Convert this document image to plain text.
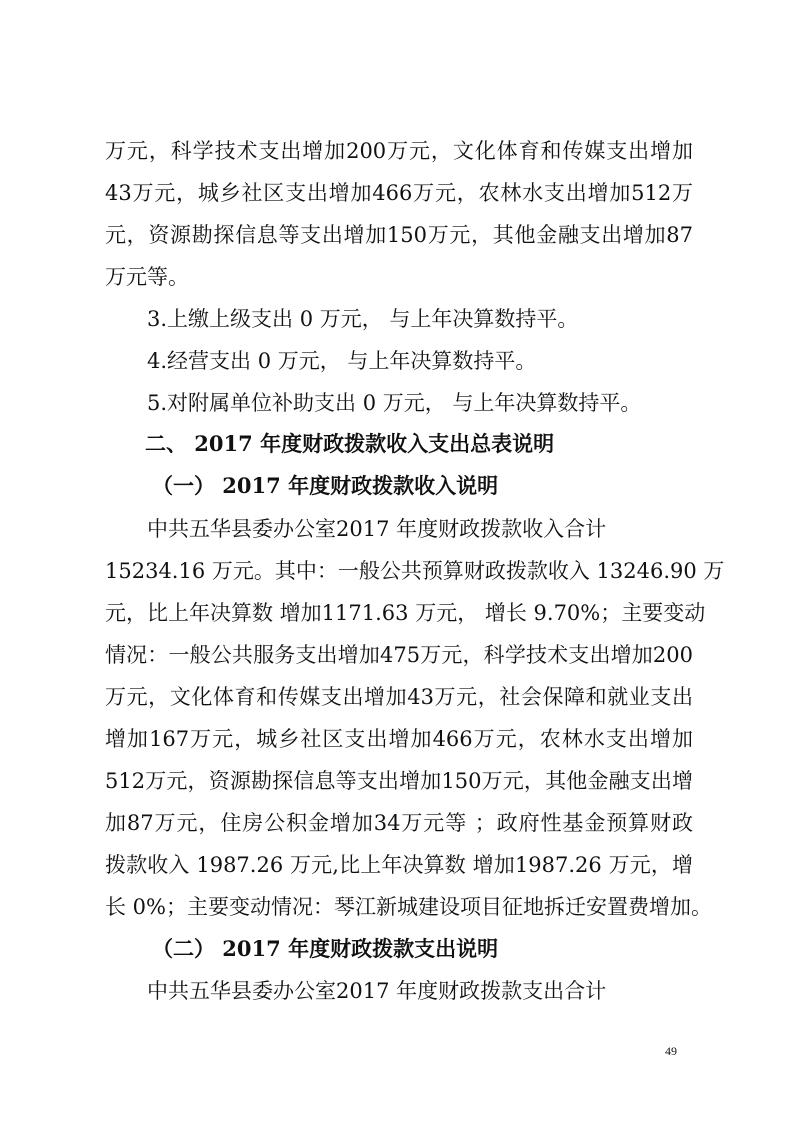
万元，科学技术支出增加200万元，文化体育和传媒支出增加

43万元，城乡社区支出增加466万元，农林水支出增加512万

元，资源勘探信息等支出增加150万元，其他金融支出增加87

万元等。

3.上缴上级支出 0 万元， 与上年决算数持平。

4.经营支出 0 万元， 与上年决算数持平。

5.对附属单位补助支出 0 万元， 与上年决算数持平。

二、 2017 年度财政拨款收入支出总表说明

（一） 2017 年度财政拨款收入说明

中共五华县委办公室2017 年度财政拨款收入合计

15234.16 万元。其中：一般公共预算财政拨款收入 13246.90 万

元，比上年决算数 增加1171.63 万元， 增长 9.70%；主要变动

情况：一般公共服务支出增加475万元，科学技术支出增加200

万元，文化体育和传媒支出增加43万元，社会保障和就业支出

增加167万元，城乡社区支出增加466万元，农林水支出增加

512万元，资源勘探信息等支出增加150万元，其他金融支出增

加87万元，住房公积金增加34万元等 ；政府性基金预算财政

拨款收入 1987.26 万元,比上年决算数 增加1987.26 万元，增

长 0%；主要变动情况：琴江新城建设项目征地拆迁安置费增加。

（二） 2017 年度财政拨款支出说明

中共五华县委办公室2017 年度财政拨款支出合计

49
